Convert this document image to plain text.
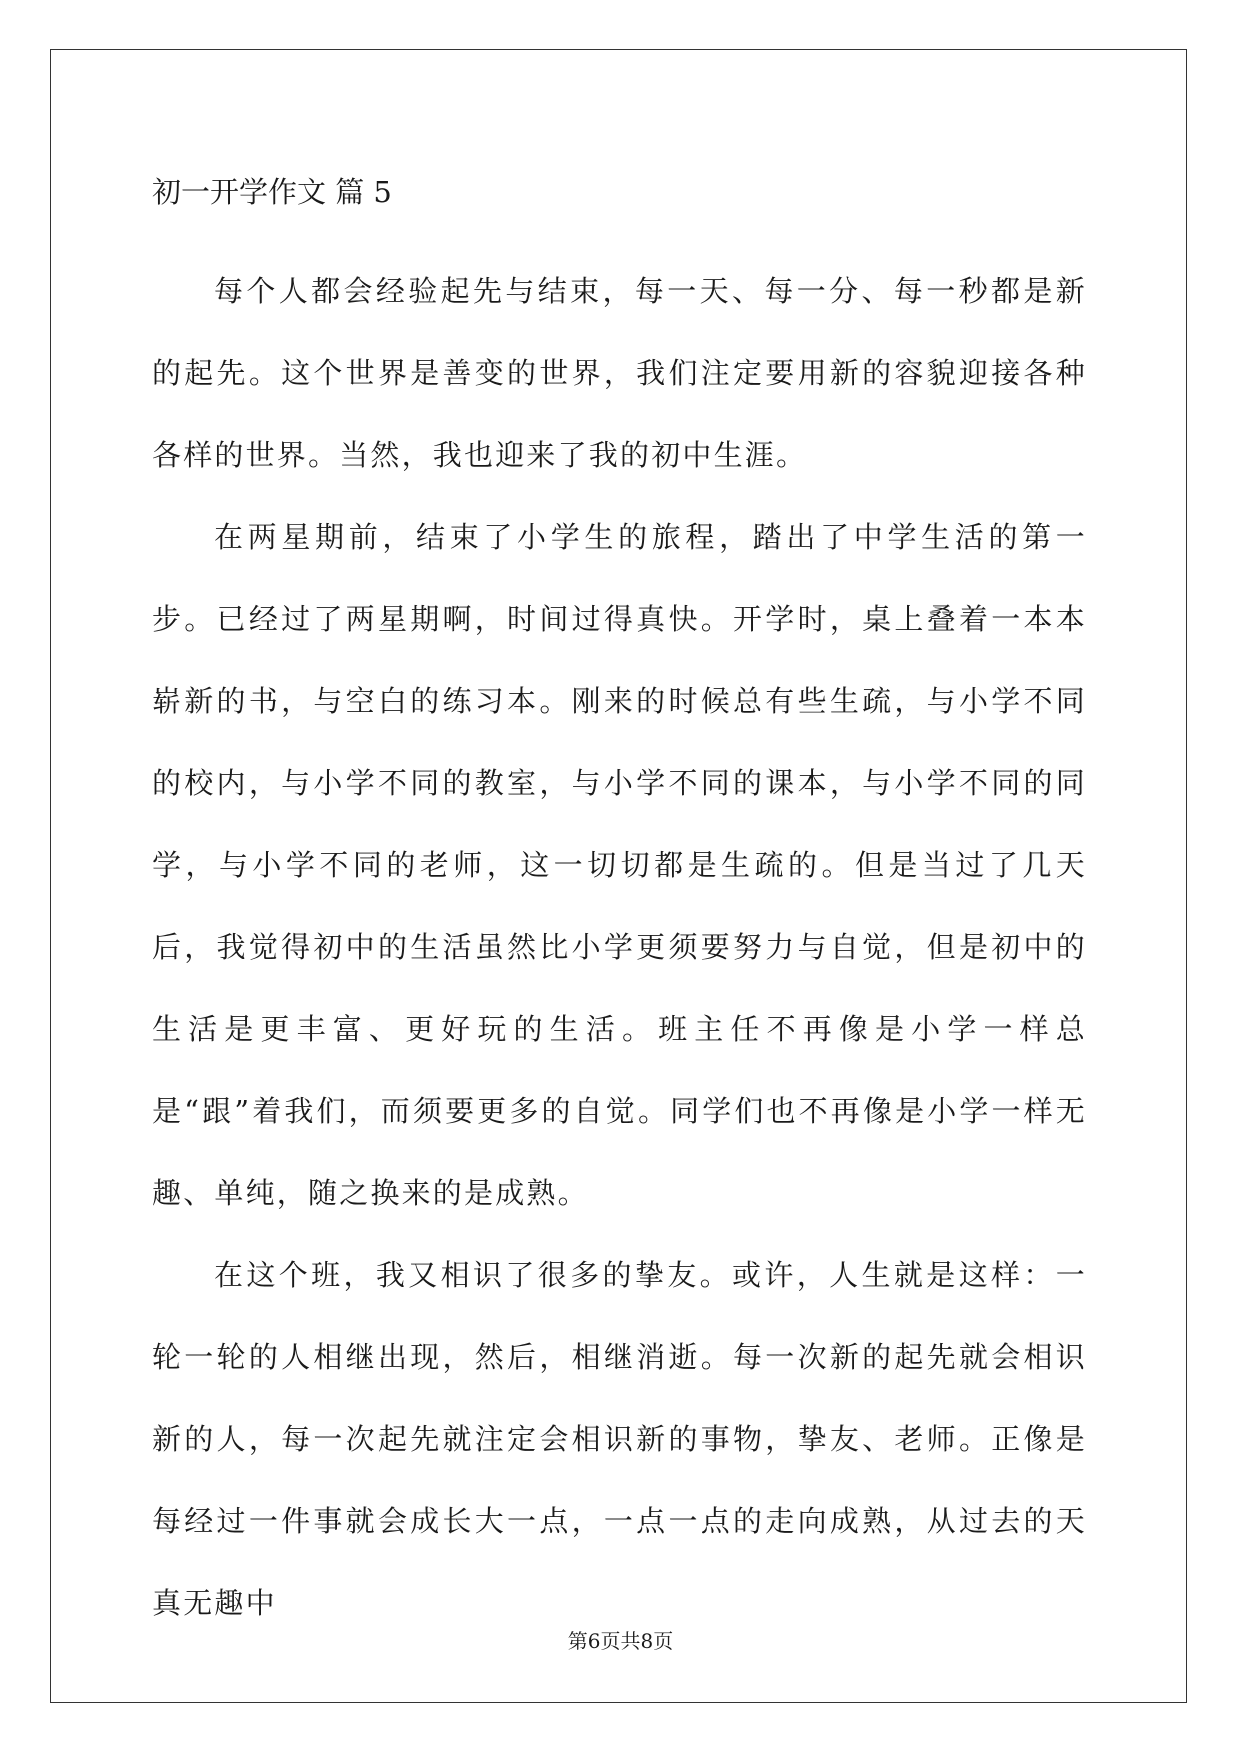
初一开学作文 篇 5

每个人都会经验起先与结束，每一天、每一分、每一秒都是新的起先。这个世界是善变的世界，我们注定要用新的容貌迎接各种各样的世界。当然，我也迎来了我的初中生涯。

在两星期前，结束了小学生的旅程，踏出了中学生活的第一步。已经过了两星期啊，时间过得真快。开学时，桌上叠着一本本崭新的书，与空白的练习本。刚来的时候总有些生疏，与小学不同的校内，与小学不同的教室，与小学不同的课本，与小学不同的同学，与小学不同的老师，这一切切都是生疏的。但是当过了几天后，我觉得初中的生活虽然比小学更须要努力与自觉，但是初中的生活是更丰富、更好玩的生活。班主任不再像是小学一样总是“跟”着我们，而须要更多的自觉。同学们也不再像是小学一样无趣、单纯，随之换来的是成熟。

在这个班，我又相识了很多的挚友。或许，人生就是这样：一轮一轮的人相继出现，然后，相继消逝。每一次新的起先就会相识新的人，每一次起先就注定会相识新的事物，挚友、老师。正像是每经过一件事就会成长大一点，一点一点的走向成熟，从过去的天真无趣中

第6页共8页
